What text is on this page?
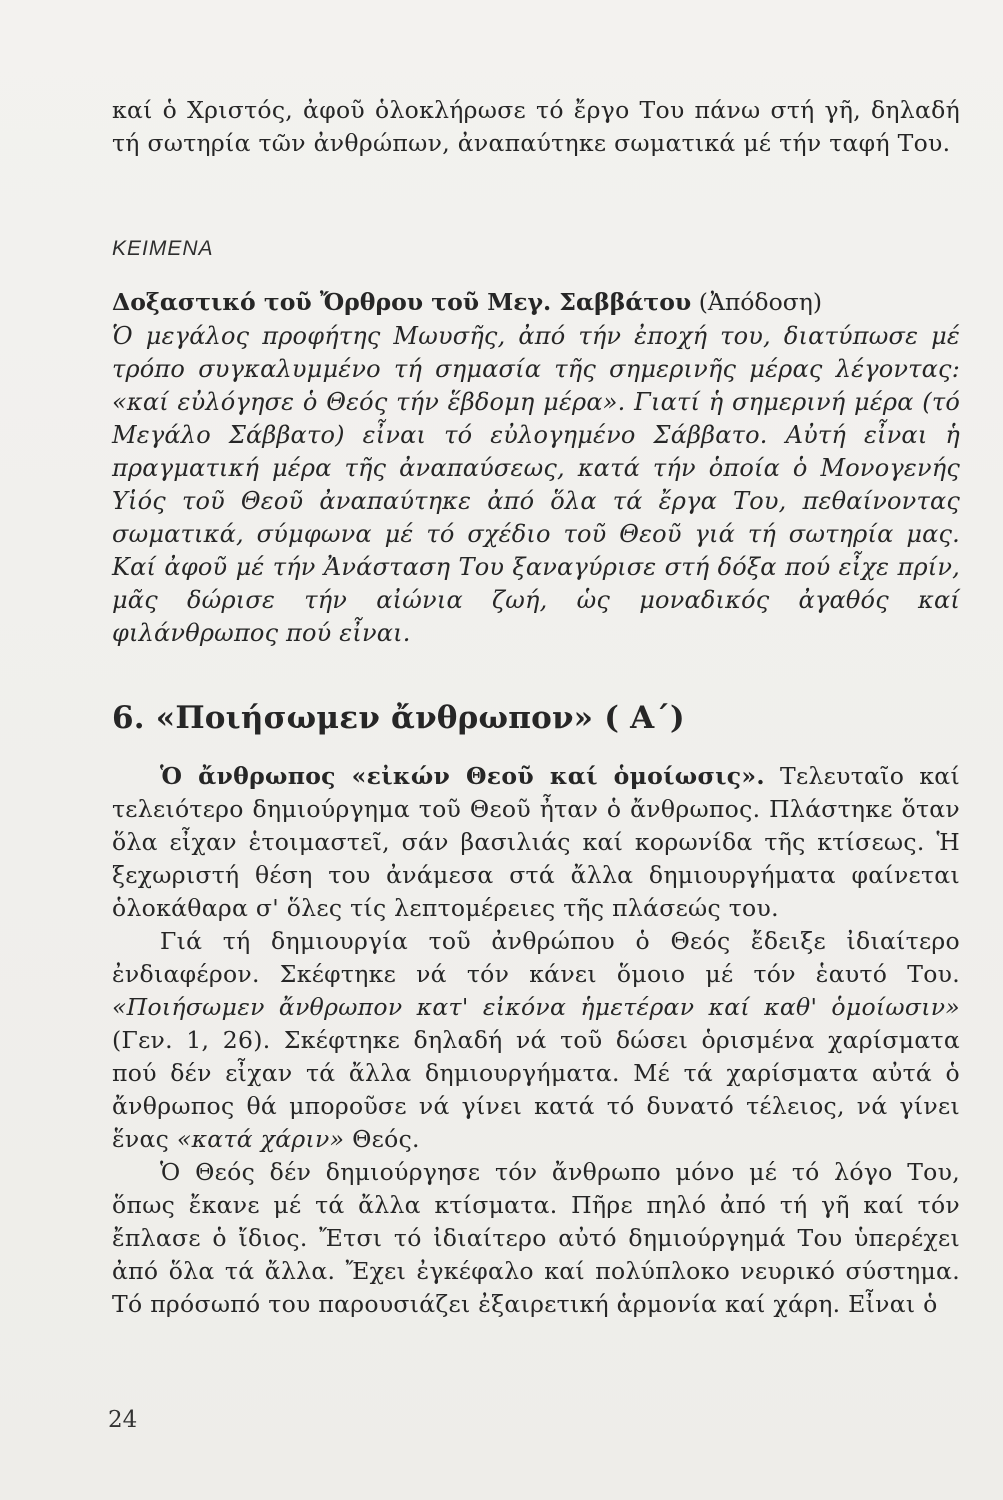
καί ὁ Χριστός, ἀφοῦ ὁλοκλήρωσε τό ἔργο Του πάνω στή γῆ, δηλαδή τή σωτηρία τῶν ἀνθρώπων, ἀναπαύτηκε σωματικά μέ τήν ταφή Του.

ΚΕΙΜΕΝΑ
Δοξαστικό τοῦ Ὄρθρου τοῦ Μεγ. Σαββάτου (Ἀπόδοση)

Ὁ μεγάλος προφήτης Μωυσῆς, ἀπό τήν ἐποχή του, διατύπωσε μέ τρόπο συγκαλυμμένο τή σημασία τῆς σημερινῆς μέρας λέγοντας: «καί εὐλόγησε ὁ Θεός τήν ἕβδομη μέρα». Γιατί ἡ σημερινή μέρα (τό Μεγάλο Σάββατο) εἶναι τό εὐλογημένο Σάββατο. Αὐτή εἶναι ἡ πραγματική μέρα τῆς ἀναπαύσεως, κατά τήν ὁποία ὁ Μονογενής Υἱός τοῦ Θεοῦ ἀναπαύτηκε ἀπό ὅλα τά ἔργα Του, πεθαίνοντας σωματικά, σύμφωνα μέ τό σχέδιο τοῦ Θεοῦ γιά τή σωτηρία μας. Καί ἀφοῦ μέ τήν Ἀνάσταση Του ξαναγύρισε στή δόξα πού εἶχε πρίν, μᾶς δώρισε τήν αἰώνια ζωή, ὡς μοναδικός ἀγαθός καί φιλάνθρωπος πού εἶναι.

6. «Ποιήσωμεν ἄνθρωπον» ( Α΄)

Ὁ ἄνθρωπος «εἰκών Θεοῦ καί ὁμοίωσις». Τελευταῖο καί τελειότερο δημιούργημα τοῦ Θεοῦ ἦταν ὁ ἄνθρωπος. Πλάστηκε ὅταν ὅλα εἶχαν ἑτοιμαστεῖ, σάν βασιλιάς καί κορωνίδα τῆς κτίσεως. Ἡ ξεχωριστή θέση του ἀνάμεσα στά ἄλλα δημιουργήματα φαίνεται ὁλοκάθαρα σ' ὅλες τίς λεπτομέρειες τῆς πλάσεώς του.

Γιά τή δημιουργία τοῦ ἀνθρώπου ὁ Θεός ἔδειξε ἰδιαίτερο ἐνδιαφέρον. Σκέφτηκε νά τόν κάνει ὅμοιο μέ τόν ἑαυτό Του. «Ποιήσωμεν ἄνθρωπον κατ' εἰκόνα ἡμετέραν καί καθ' ὁμοίωσιν» (Γεν. 1, 26). Σκέφτηκε δηλαδή νά τοῦ δώσει ὁρισμένα χαρίσματα πού δέν εἶχαν τά ἄλλα δημιουργήματα. Μέ τά χαρίσματα αὐτά ὁ ἄνθρωπος θά μποροῦσε νά γίνει κατά τό δυνατό τέλειος, νά γίνει ἕνας «κατά χάριν» Θεός.

Ὁ Θεός δέν δημιούργησε τόν ἄνθρωπο μόνο μέ τό λόγο Του, ὅπως ἔκανε μέ τά ἄλλα κτίσματα. Πῆρε πηλό ἀπό τή γῆ καί τόν ἔπλασε ὁ ἴδιος. Ἔτσι τό ἰδιαίτερο αὐτό δημιούργημά Του ὑπερέχει ἀπό ὅλα τά ἄλλα. Ἔχει ἐγκέφαλο καί πολύπλοκο νευρικό σύστημα. Τό πρόσωπό του παρουσιάζει ἐξαιρετική ἁρμονία καί χάρη. Εἶναι ὁ

24
